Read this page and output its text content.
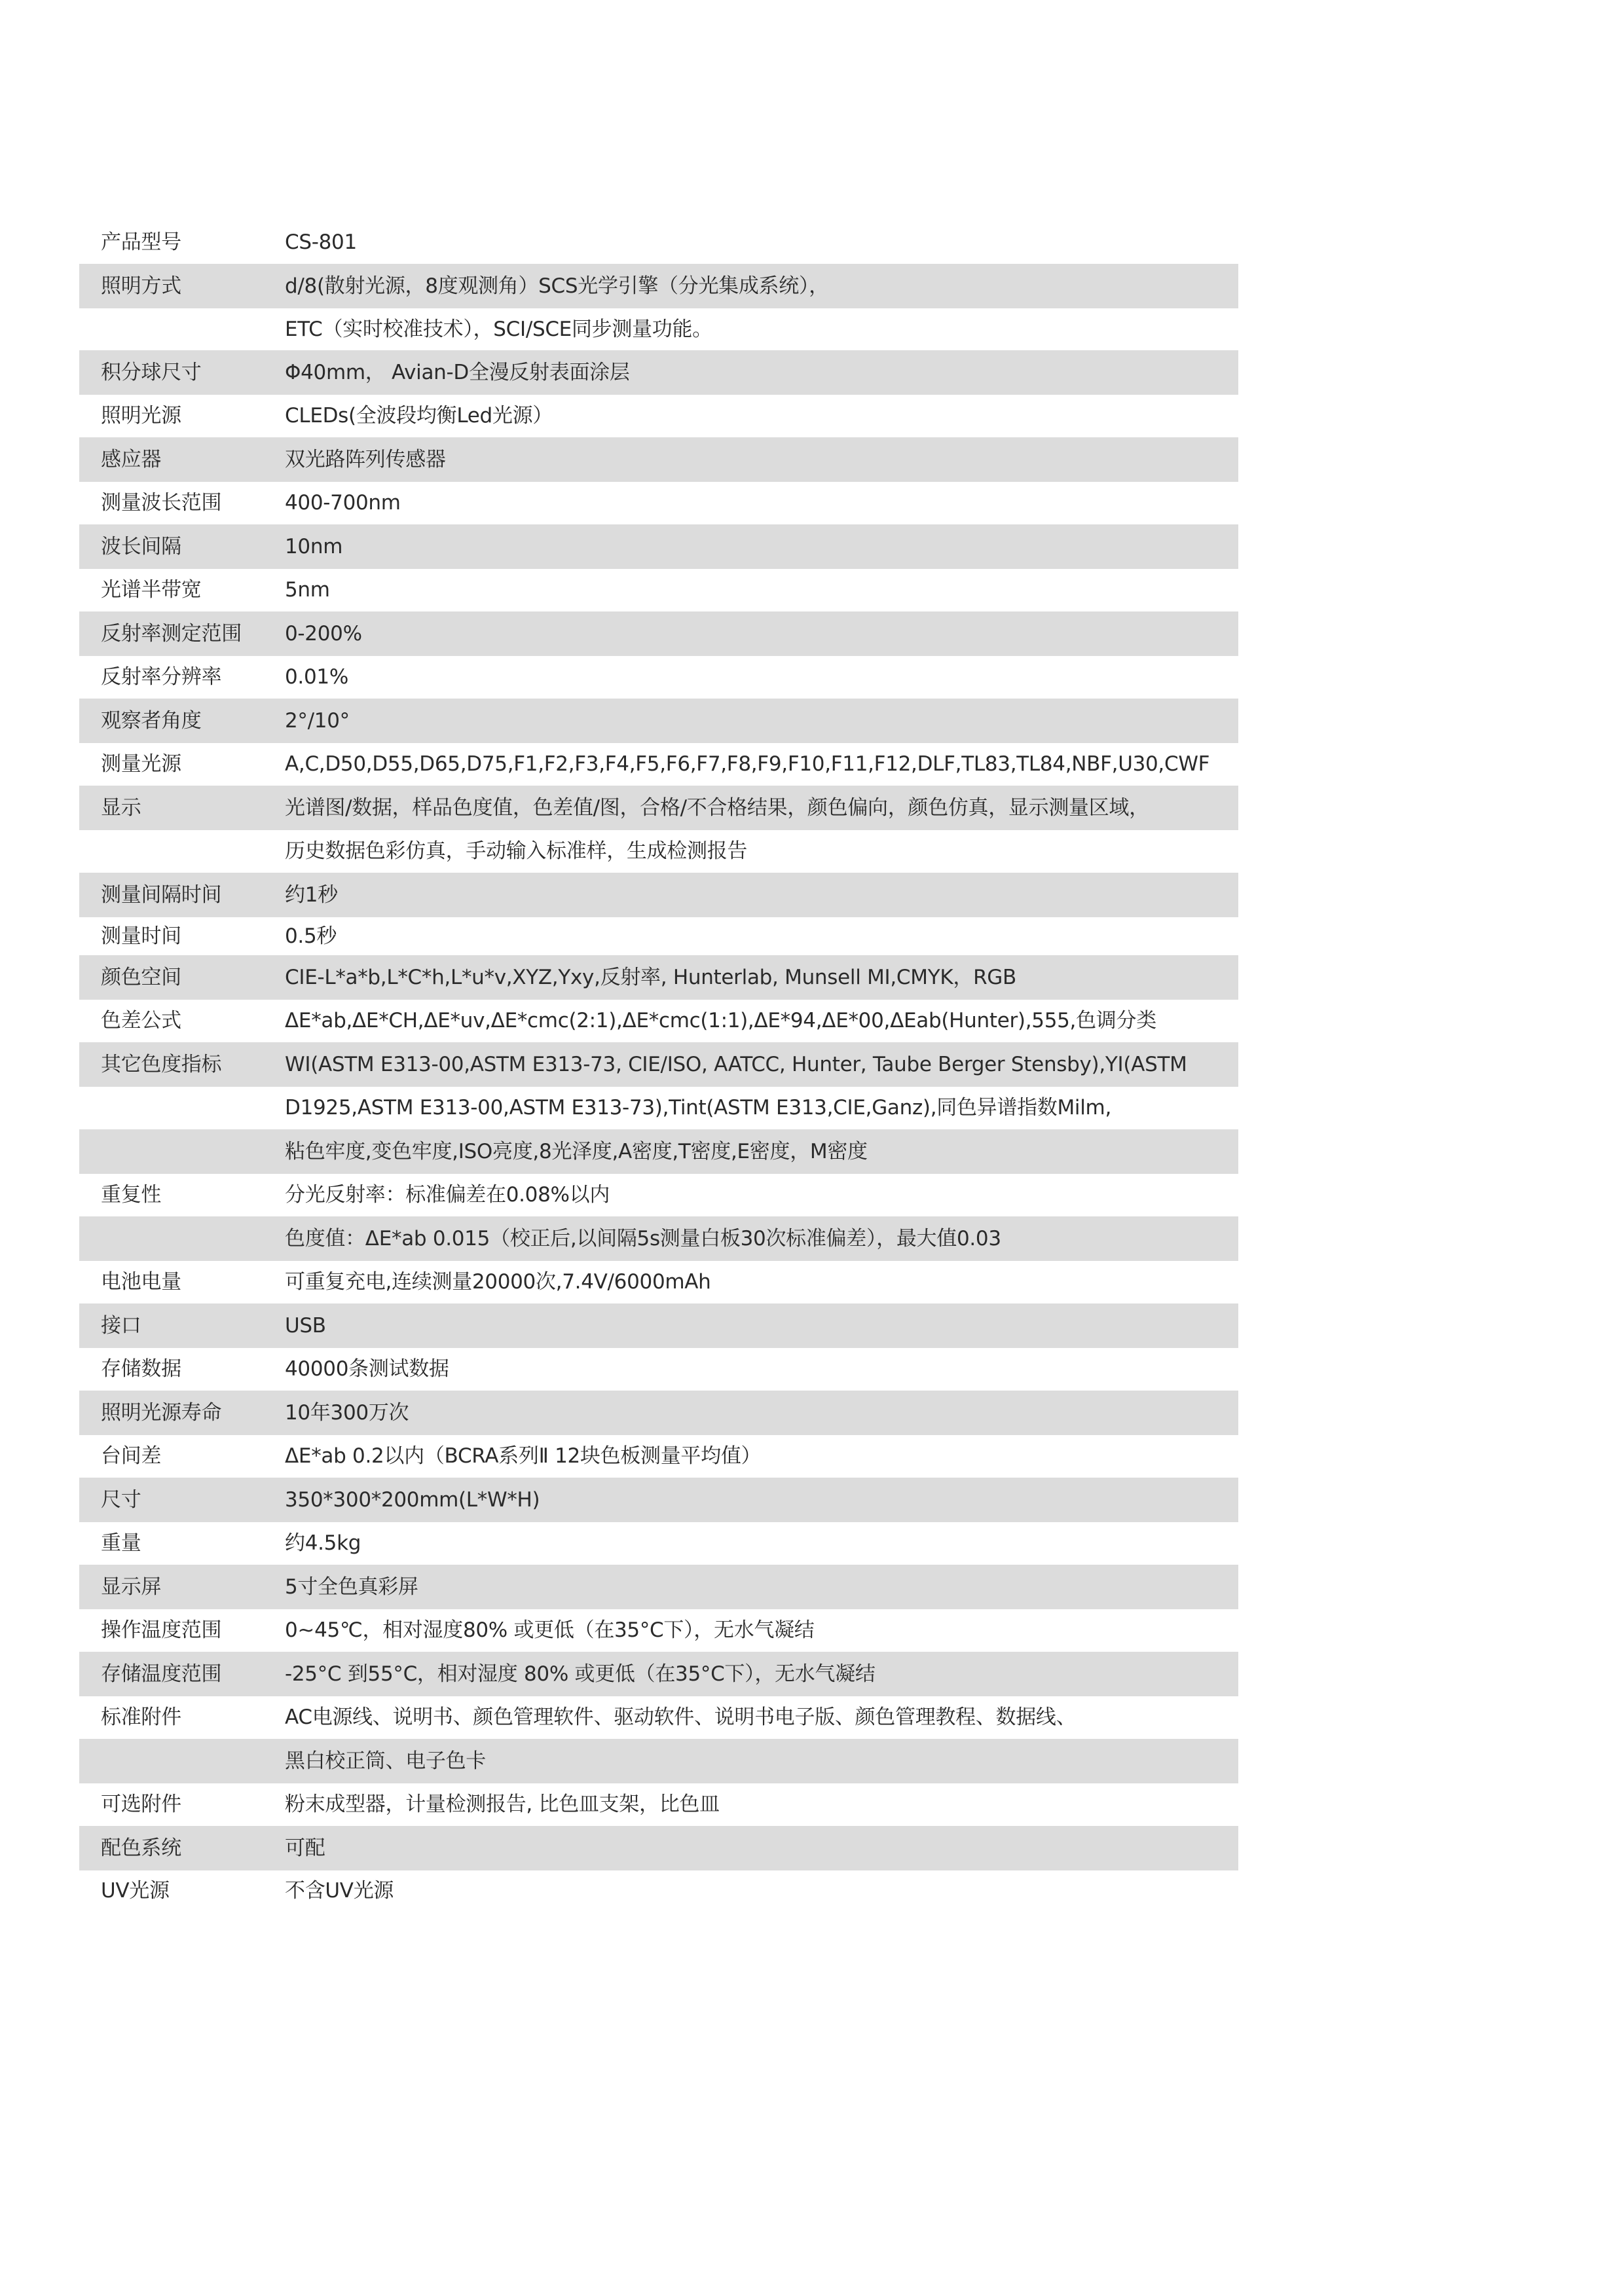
产品型号	CS-801
照明方式	d/8(散射光源，8度观测角）SCS光学引擎（分光集成系统），
	ETC（实时校准技术），SCI/SCE同步测量功能。
积分球尺寸	Φ40mm， Avian-D全漫反射表面涂层
照明光源	CLEDs(全波段均衡Led光源）
感应器	双光路阵列传感器
测量波长范围	400-700nm
波长间隔	10nm
光谱半带宽	5nm
反射率测定范围	0-200%
反射率分辨率	0.01%
观察者角度	2°/10°
测量光源	A,C,D50,D55,D65,D75,F1,F2,F3,F4,F5,F6,F7,F8,F9,F10,F11,F12,DLF,TL83,TL84,NBF,U30,CWF
显示	光谱图/数据，样品色度值，色差值/图，合格/不合格结果，颜色偏向，颜色仿真，显示测量区域，
	历史数据色彩仿真，手动输入标准样，生成检测报告
测量间隔时间	约1秒
测量时间	0.5秒
颜色空间	CIE-L*a*b,L*C*h,L*u*v,XYZ,Yxy,反射率, Hunterlab, Munsell MI,CMYK，RGB
色差公式	ΔE*ab,ΔE*CH,ΔE*uv,ΔE*cmc(2:1),ΔE*cmc(1:1),ΔE*94,ΔE*00,ΔEab(Hunter),555,色调分类
其它色度指标	WI(ASTM E313-00,ASTM E313-73, CIE/ISO, AATCC, Hunter, Taube Berger Stensby),YI(ASTM
	D1925,ASTM E313-00,ASTM E313-73),Tint(ASTM E313,CIE,Ganz),同色异谱指数Milm,
	粘色牢度,变色牢度,ISO亮度,8光泽度,A密度,T密度,E密度，M密度
重复性	分光反射率：标准偏差在0.08%以内
	色度值：ΔE*ab 0.015（校正后,以间隔5s测量白板30次标准偏差），最大值0.03
电池电量	可重复充电,连续测量20000次,7.4V/6000mAh
接口	USB
存储数据	40000条测试数据
照明光源寿命	10年300万次
台间差	ΔE*ab 0.2以内（BCRA系列Ⅱ 12块色板测量平均值）
尺寸	350*300*200mm(L*W*H)
重量	约4.5kg
显示屏	5寸全色真彩屏
操作温度范围	0~45℃，相对湿度80% 或更低（在35°C下），无水气凝结
存储温度范围	-25°C 到55°C，相对湿度 80% 或更低（在35°C下），无水气凝结
标准附件	AC电源线、说明书、颜色管理软件、驱动软件、说明书电子版、颜色管理教程、数据线、
	黑白校正筒、电子色卡
可选附件	粉末成型器，计量检测报告, 比色皿支架，比色皿
配色系统	可配
UV光源	不含UV光源
